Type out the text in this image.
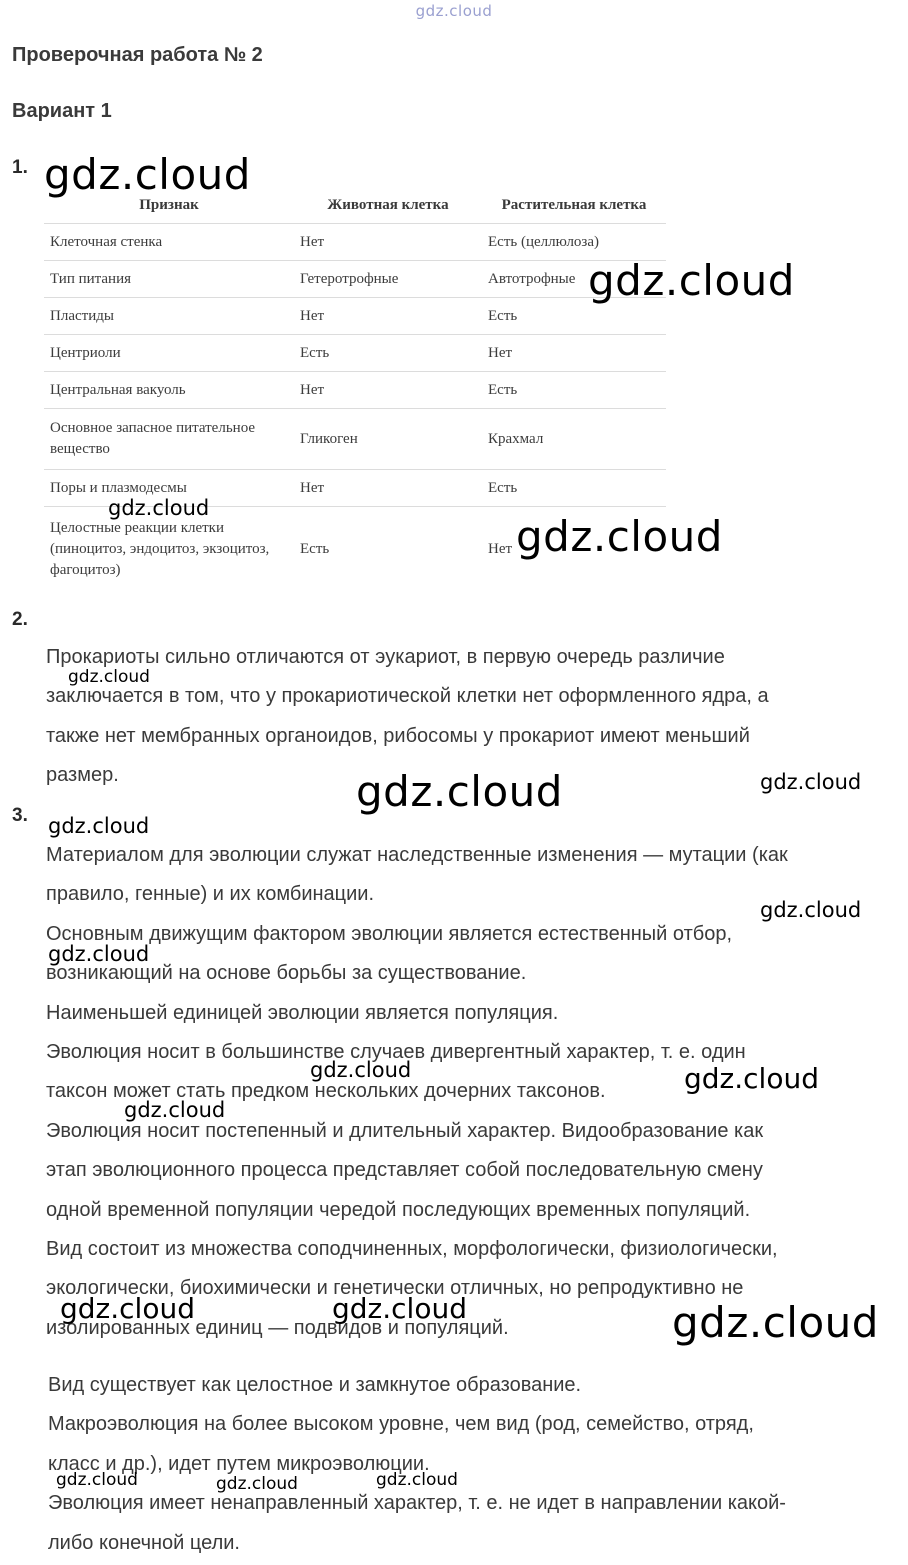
gdz.cloud
Проверочная работа № 2
Вариант 1
1.
Признак	Животная клетка	Растительная клетка
Клеточная стенка	Нет	Есть (целлюлоза)
Тип питания	Гетеротрофные	Автотрофные
Пластиды	Нет	Есть
Центриоли	Есть	Нет
Центральная вакуоль	Нет	Есть
Основное запасное питательное вещество	Гликоген	Крахмал
Поры и плазмодесмы	Нет	Есть
Целостные реакции клетки (пиноцитоз, эндоцитоз, экзоцитоз, фагоцитоз)	Есть	Нет
2.
Прокариоты сильно отличаются от эукариот, в первую очередь различие
заключается в том, что у прокариотической клетки нет оформленного ядра, а
также нет мембранных органоидов, рибосомы у прокариот имеют меньший
размер.
3.
Материалом для эволюции служат наследственные изменения — мутации (как
правило, генные) и их комбинации.
Основным движущим фактором эволюции является естественный отбор,
возникающий на основе борьбы за существование.
Наименьшей единицей эволюции является популяция.
Эволюция носит в большинстве случаев дивергентный характер, т. е. один
таксон может стать предком нескольких дочерних таксонов.
Эволюция носит постепенный и длительный характер. Видообразование как
этап эволюционного процесса представляет собой последовательную смену
одной временной популяции чередой последующих временных популяций.
Вид состоит из множества соподчиненных, морфологически, физиологически,
экологически, биохимически и генетически отличных, но репродуктивно не
изолированных единиц — подвидов и популяций.
Вид существует как целостное и замкнутое образование.
Макроэволюция на более высоком уровне, чем вид (род, семейство, отряд,
класс и др.), идет путем микроэволюции.
Эволюция имеет ненаправленный характер, т. е. не идет в направлении какой-
либо конечной цели.
gdz.cloud
gdz.cloud
gdz.cloud
gdz.cloud
gdz.cloud
gdz.cloud	gdz.cloud
gdz.cloud
gdz.cloud
gdz.cloud
gdz.cloud	gdz.cloud
gdz.cloud
gdz.cloud	gdz.cloud	gdz.cloud
gdz.cloud	gdz.cloud	gdz.cloud
